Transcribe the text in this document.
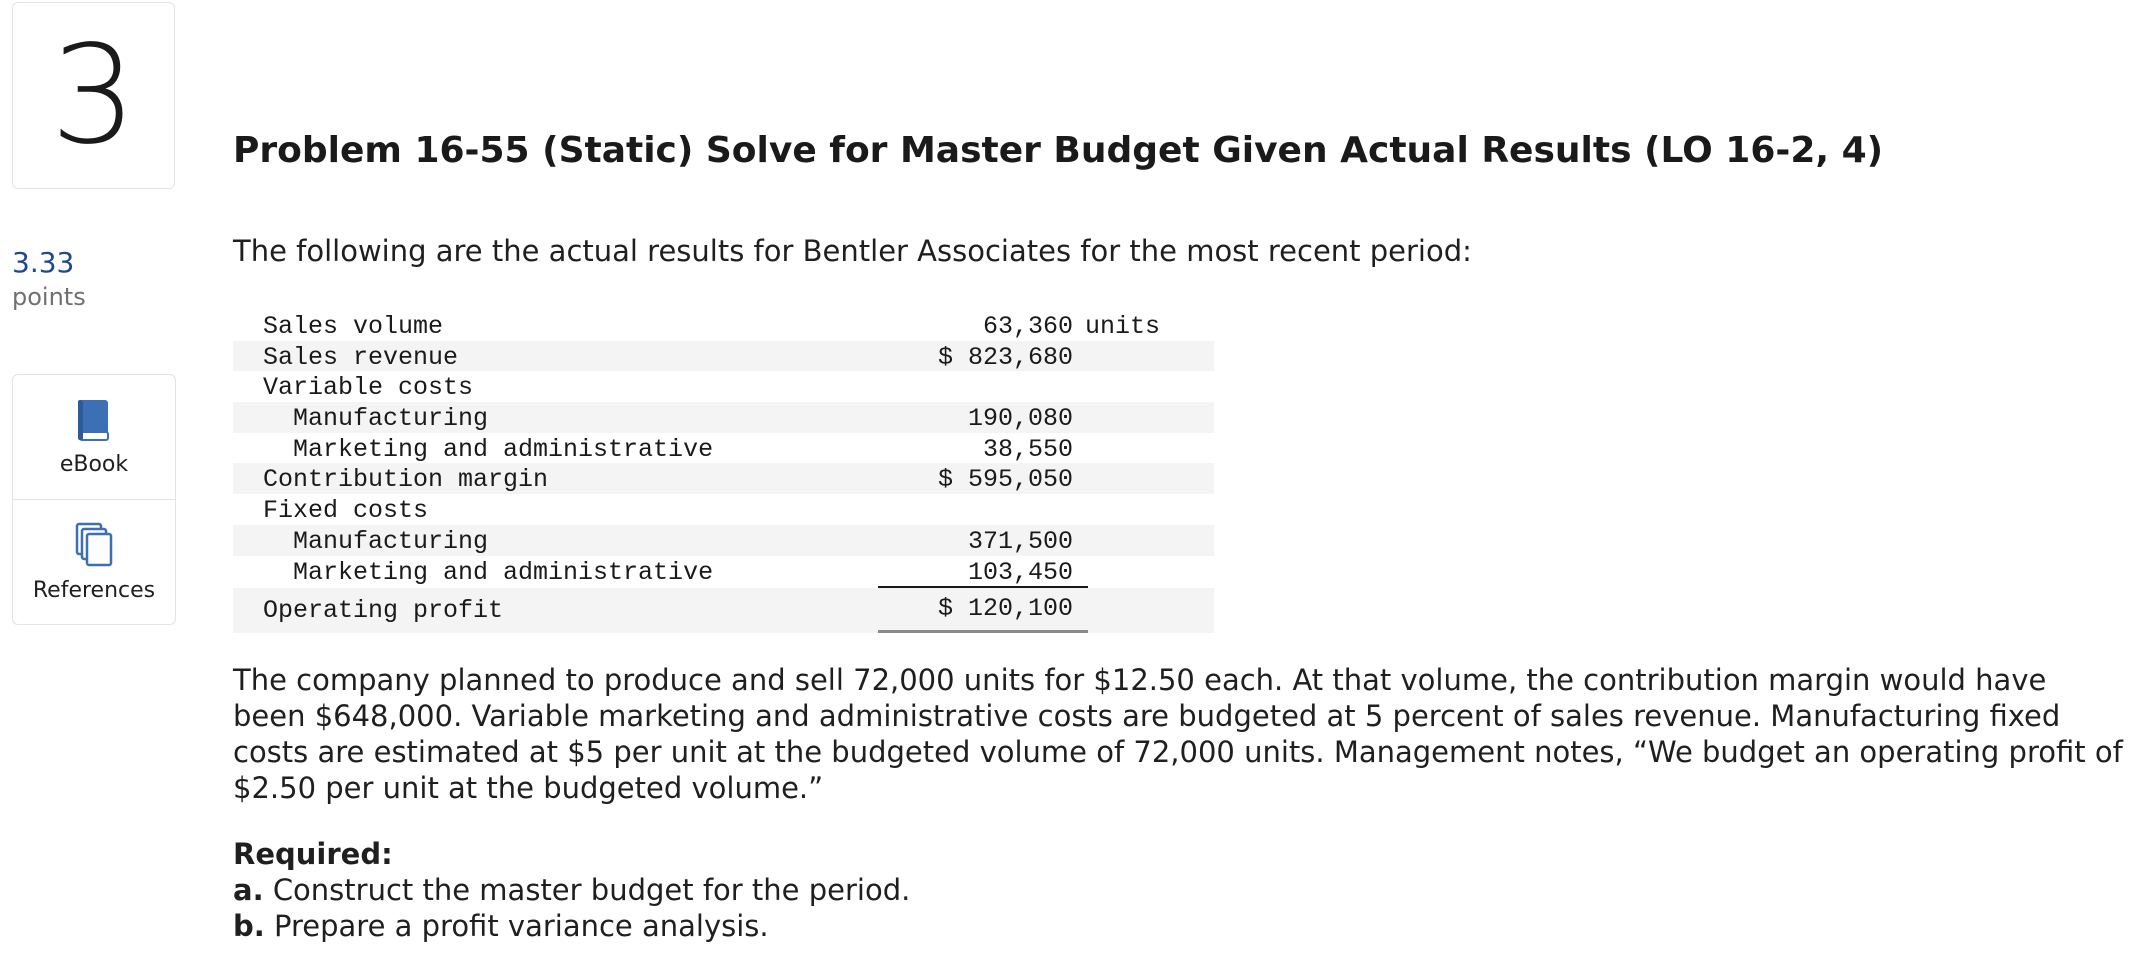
3
3.33
points
eBook
References
Problem 16-55 (Static) Solve for Master Budget Given Actual Results (LO 16-2, 4)
The following are the actual results for Bentler Associates for the most recent period:
Sales volume	63,360 units
Sales revenue	$ 823,680
Variable costs
Manufacturing	190,080
Marketing and administrative	38,550
Contribution margin	$ 595,050
Fixed costs
Manufacturing	371,500
Marketing and administrative	103,450
Operating profit	$ 120,100

The company planned to produce and sell 72,000 units for $12.50 each. At that volume, the contribution margin would have been $648,000. Variable marketing and administrative costs are budgeted at 5 percent of sales revenue. Manufacturing fixed costs are estimated at $5 per unit at the budgeted volume of 72,000 units. Management notes, “We budget an operating profit of $2.50 per unit at the budgeted volume.”

Required:
a. Construct the master budget for the period.
b. Prepare a profit variance analysis.
